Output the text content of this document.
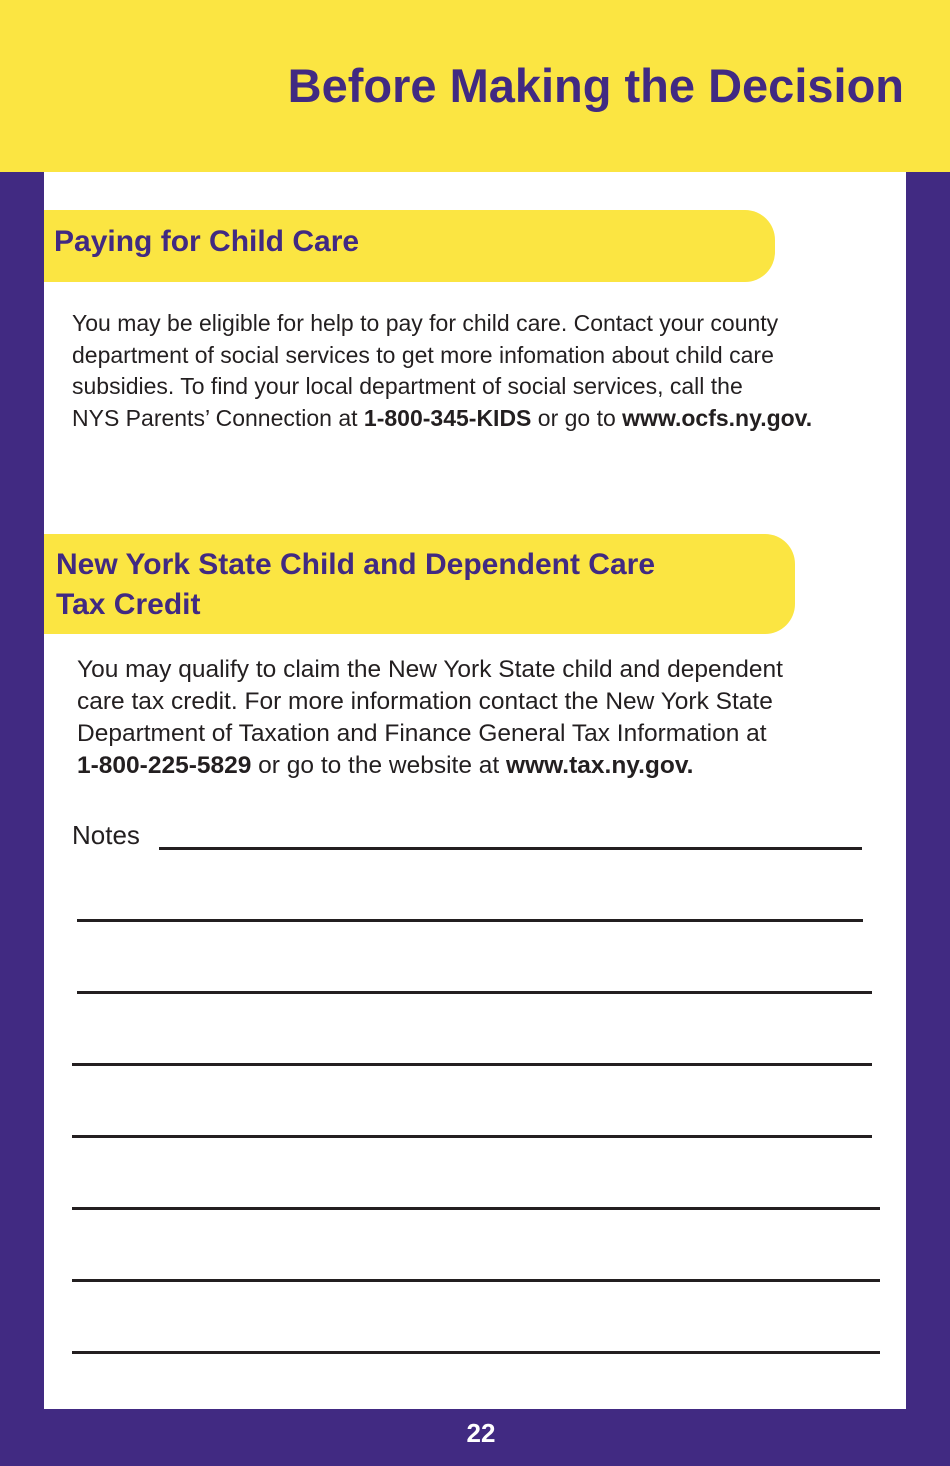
Before Making the Decision
Paying for Child Care
You may be eligible for help to pay for child care. Contact your county
department of social services to get more infomation about child care
subsidies. To find your local department of social services, call the
NYS Parents’ Connection at 1-800-345-KIDS or go to www.ocfs.ny.gov.
New York State Child and Dependent Care
Tax Credit
You may qualify to claim the New York State child and dependent
care tax credit. For more information contact the New York State
Department of Taxation and Finance General Tax Information at
1-800-225-5829 or go to the website at www.tax.ny.gov.
Notes
22
